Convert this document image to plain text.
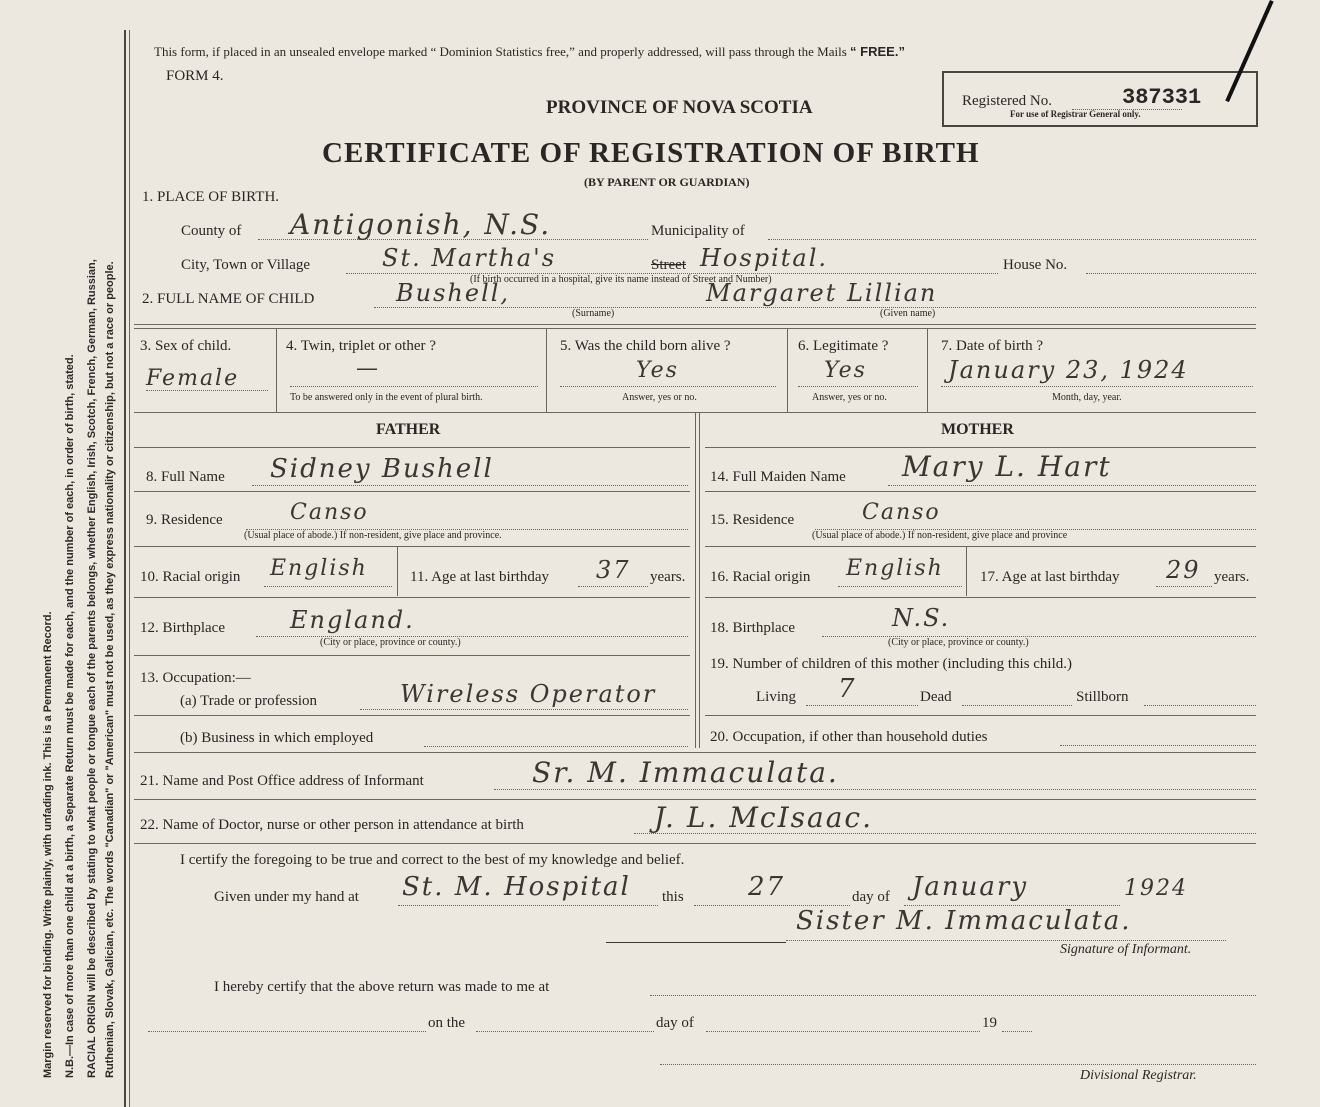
Margin reserved for binding. Write plainly, with unfading ink. This is a Permanent Record. N.B.—In case of more than one child at a birth, a Separate Return must be made for each, and the number of each, in order of birth, stated. RACIAL ORIGIN will be described by stating to what people or tongue each of the parents belongs, whether English, Irish, Scotch, French, German, Russian, Ruthenian, Slovak, Galician, etc. The words "Canadian" or "American" must not be used, as they express nationality or citizenship, but not a race or people.
This form, if placed in an unsealed envelope marked “ Dominion Statistics free,” and properly addressed, will pass through the Mails “ FREE.”
FORM 4.
PROVINCE OF NOVA SCOTIA	Registered No.	387331
For use of Registrar General only.
CERTIFICATE OF REGISTRATION OF BIRTH
(BY PARENT OR GUARDIAN)
1. PLACE OF BIRTH.
County of Antigonish, N.S.	Municipality of
City, Town or Village	St. Martha's	Street Hospital.	House No.
(If birth occurred in a hospital, give its name instead of Street and Number)
2. FULL NAME OF CHILD	Bushell,	Margaret Lillian
(Surname)	(Given name)
3. Sex of child.
Female
4. Twin, triplet or other ?
—
To be answered only in the event of plural birth.
5. Was the child born alive ?
Yes
Answer, yes or no.
6. Legitimate ?
Yes
Answer, yes or no.
7. Date of birth ?
January 23, 1924
Month, day, year.
FATHER	MOTHER
8. Full Name Sidney Bushell
9. Residence	Canso
(Usual place of abode.) If non-resident, give place and province.
10. Racial origin English	11. Age at last birthday 37 years.
12. Birthplace	England.
(City or place, province or county.)
13. Occupation:—
(a) Trade or profession	Wireless Operator
(b) Business in which employed
14. Full Maiden Name Mary L. Hart
15. Residence	Canso
(Usual place of abode.) If non-resident, give place and province
16. Racial origin English 17. Age at last birthday 29 years.
18. Birthplace	N.S.
(City or place, province or county.)
19. Number of children of this mother (including this child.)
Living 7	Dead	Stillborn
20. Occupation, if other than household duties
21. Name and Post Office address of Informant	Sr. M. Immaculata.
22. Name of Doctor, nurse or other person in attendance at birth	J. L. McIsaac.
I certify the foregoing to be true and correct to the best of my knowledge and belief.
Given under my hand at St. M. Hospital this 27	day of January	1924
Sister M. Immaculata.
Signature of Informant.
I hereby certify that the above return was made to me at
on the	day of	19
Divisional Registrar.
